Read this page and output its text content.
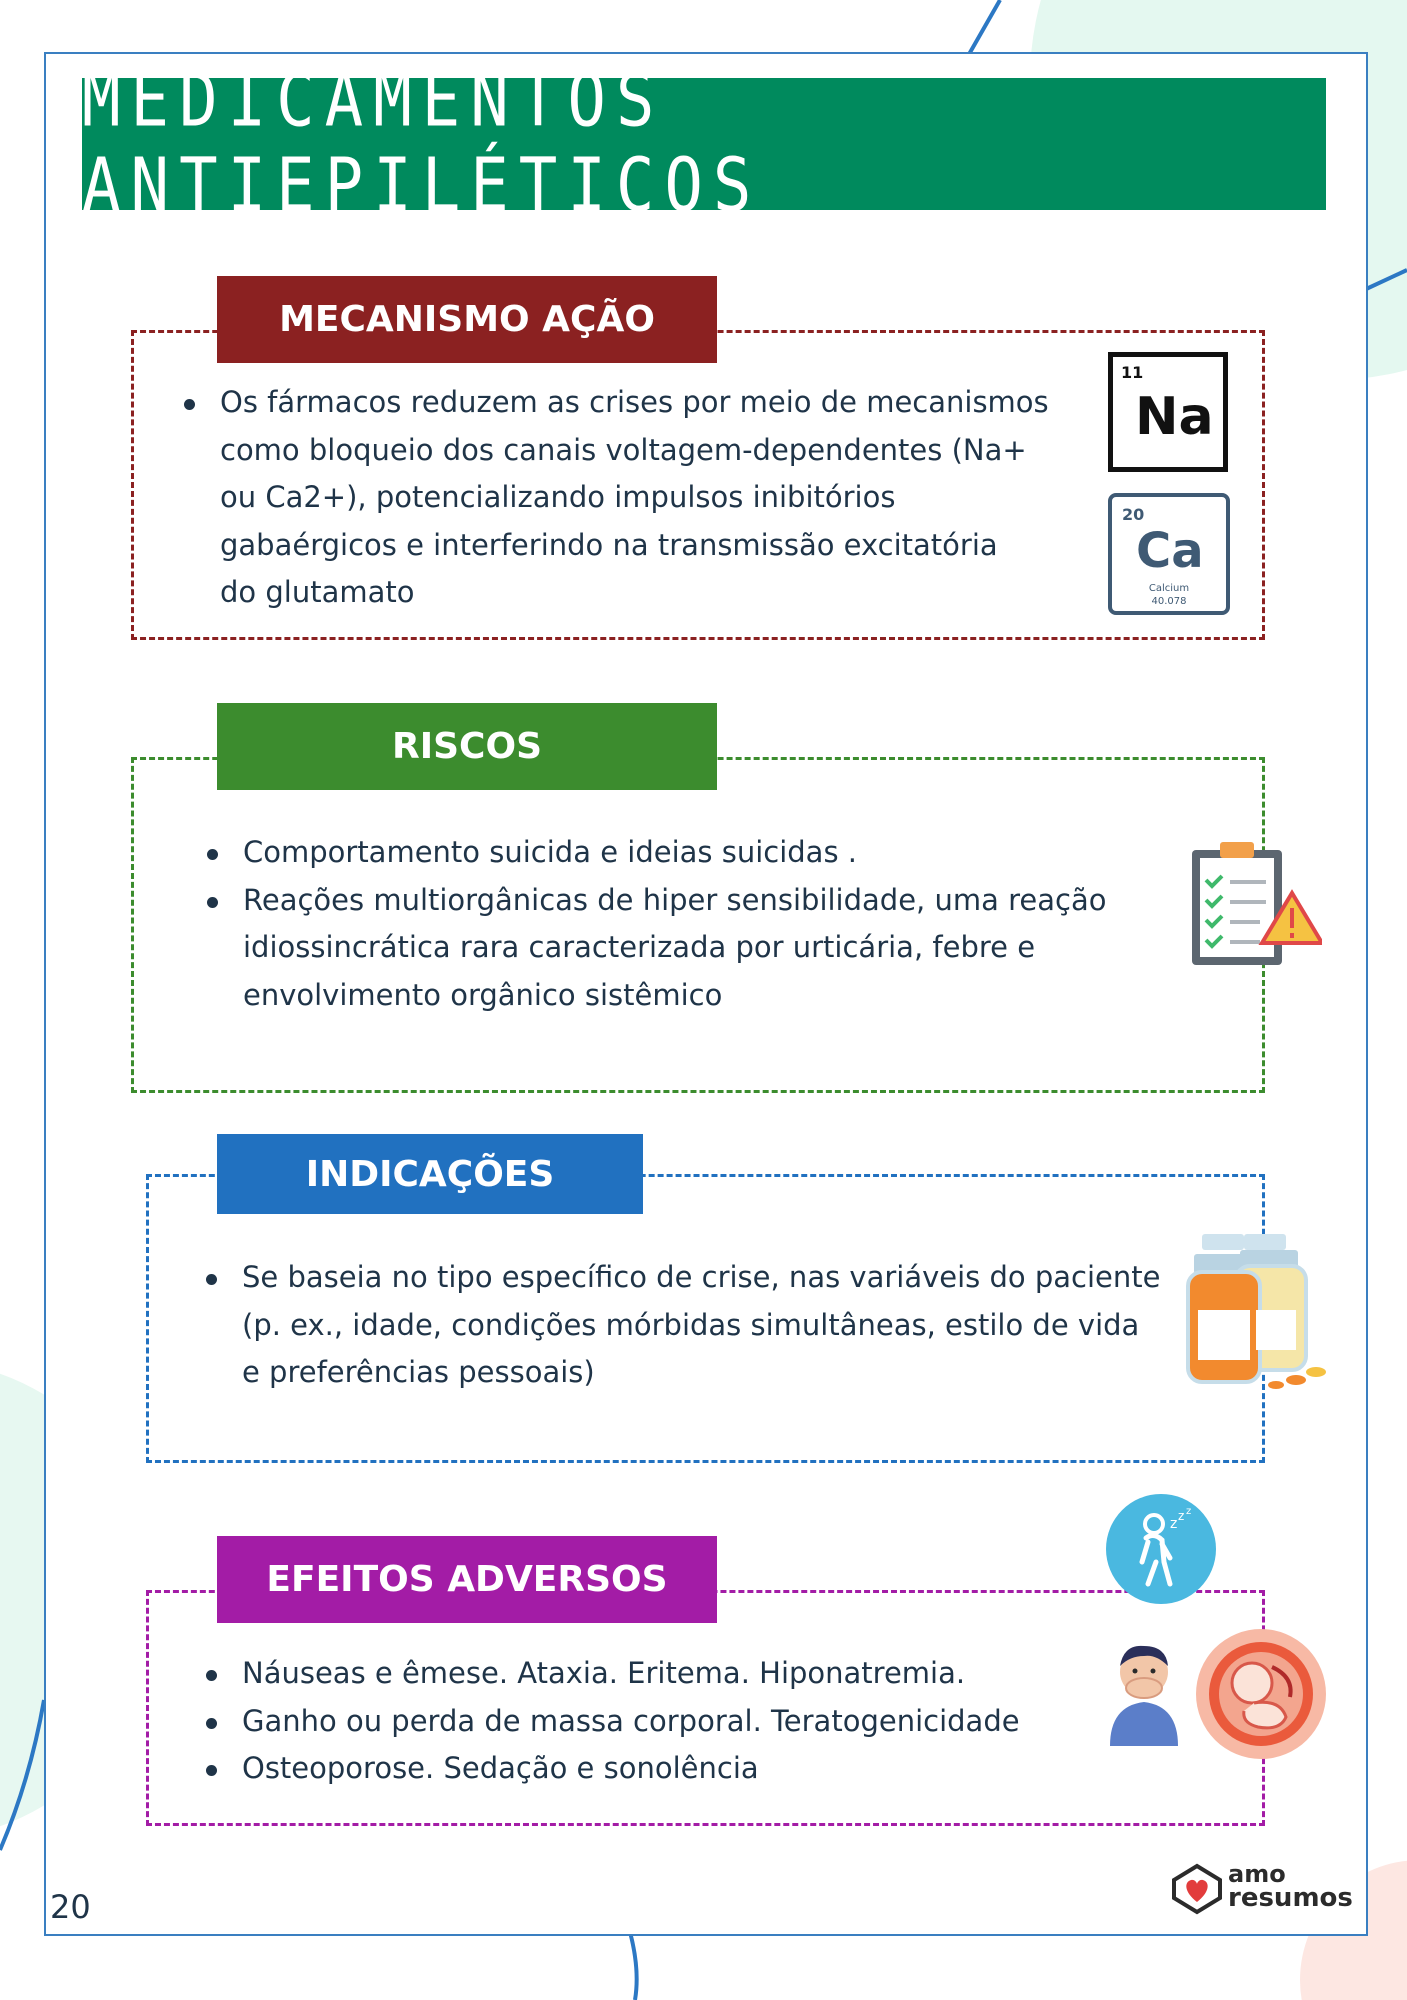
MEDICAMENTOS ANTIEPILÉTICOS
MECANISMO AÇÃO
Os fármacos reduzem as crises por meio de mecanismos
como bloqueio dos canais voltagem-dependentes (Na+
ou Ca2+), potencializando impulsos inibitórios
gabaérgicos e interferindo na transmissão excitatória
do glutamato
11
Na
20
Ca
Calcium
40.078
RISCOS
Comportamento suicida e ideias suicidas .
Reações multiorgânicas de hiper sensibilidade, uma reação idiossincrática rara caracterizada por urticária, febre e envolvimento orgânico sistêmico
INDICAÇÕES
Se baseia no tipo específico de crise, nas variáveis do paciente (p. ex., idade, condições mórbidas simultâneas, estilo de vida e preferências pessoais)
EFEITOS ADVERSOS
Náuseas e êmese. Ataxia. Eritema. Hiponatremia.
Ganho ou perda de massa corporal. Teratogenicidade
Osteoporose. Sedação e sonolência
z z z
20
amo
resumos
